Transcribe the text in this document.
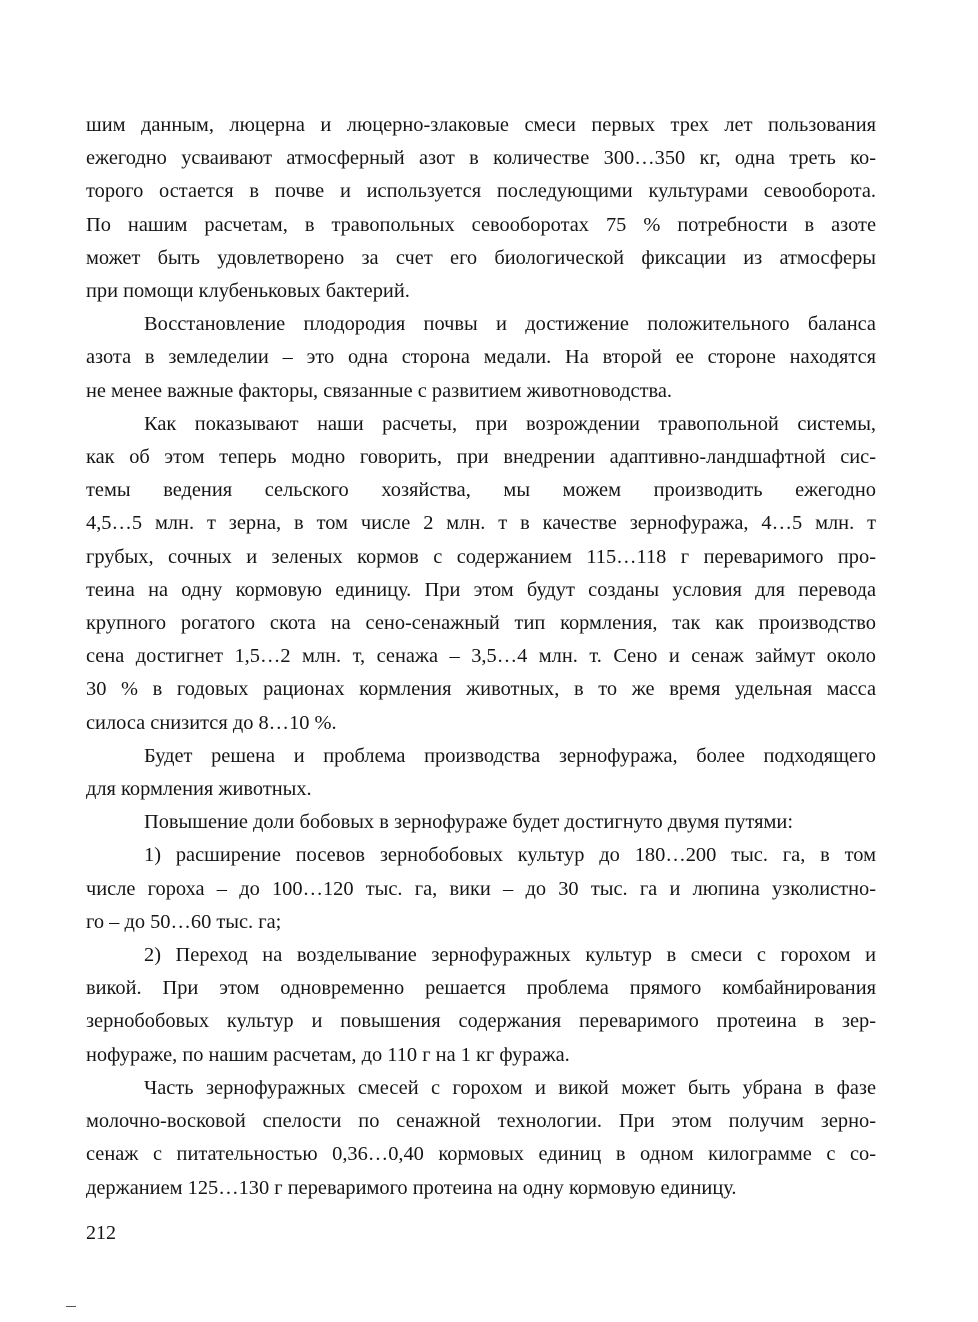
шим данным, люцерна и люцерно-злаковые смеси первых трех лет пользования
ежегодно усваивают атмосферный азот в количестве 300…350 кг, одна треть ко-
торого остается в почве и используется последующими культурами севооборота.
По нашим расчетам, в травопольных севооборотах 75 % потребности в азоте
может быть удовлетворено за счет его биологической фиксации из атмосферы
при помощи клубеньковых бактерий.

Восстановление плодородия почвы и достижение положительного баланса
азота в земледелии – это одна сторона медали. На второй ее стороне находятся
не менее важные факторы, связанные с развитием животноводства.

Как показывают наши расчеты, при возрождении травопольной системы,
как об этом теперь модно говорить, при внедрении адаптивно-ландшафтной сис-
темы ведения сельского хозяйства, мы можем производить ежегодно
4,5…5 млн. т зерна, в том числе 2 млн. т в качестве зернофуража, 4…5 млн. т
грубых, сочных и зеленых кормов с содержанием 115…118 г переваримого про-
теина на одну кормовую единицу. При этом будут созданы условия для перевода
крупного рогатого скота на сено-сенажный тип кормления, так как производство
сена достигнет 1,5…2 млн. т, сенажа – 3,5…4 млн. т. Сено и сенаж займут около
30 % в годовых рационах кормления животных, в то же время удельная масса
силоса снизится до 8…10 %.

Будет решена и проблема производства зернофуража, более подходящего
для кормления животных.

Повышение доли бобовых в зернофураже будет достигнуто двумя путями:

1) расширение посевов зернобобовых культур до 180…200 тыс. га, в том
числе гороха – до 100…120 тыс. га, вики – до 30 тыс. га и люпина узколистно-
го – до 50…60 тыс. га;

2) Переход на возделывание зернофуражных культур в смеси с горохом и
викой. При этом одновременно решается проблема прямого комбайнирования
зернобобовых культур и повышения содержания переваримого протеина в зер-
нофураже, по нашим расчетам, до 110 г на 1 кг фуража.

Часть зернофуражных смесей с горохом и викой может быть убрана в фазе
молочно-восковой спелости по сенажной технологии. При этом получим зерно-
сенаж с питательностью 0,36…0,40 кормовых единиц в одном килограмме с со-
держанием 125…130 г переваримого протеина на одну кормовую единицу.

212
